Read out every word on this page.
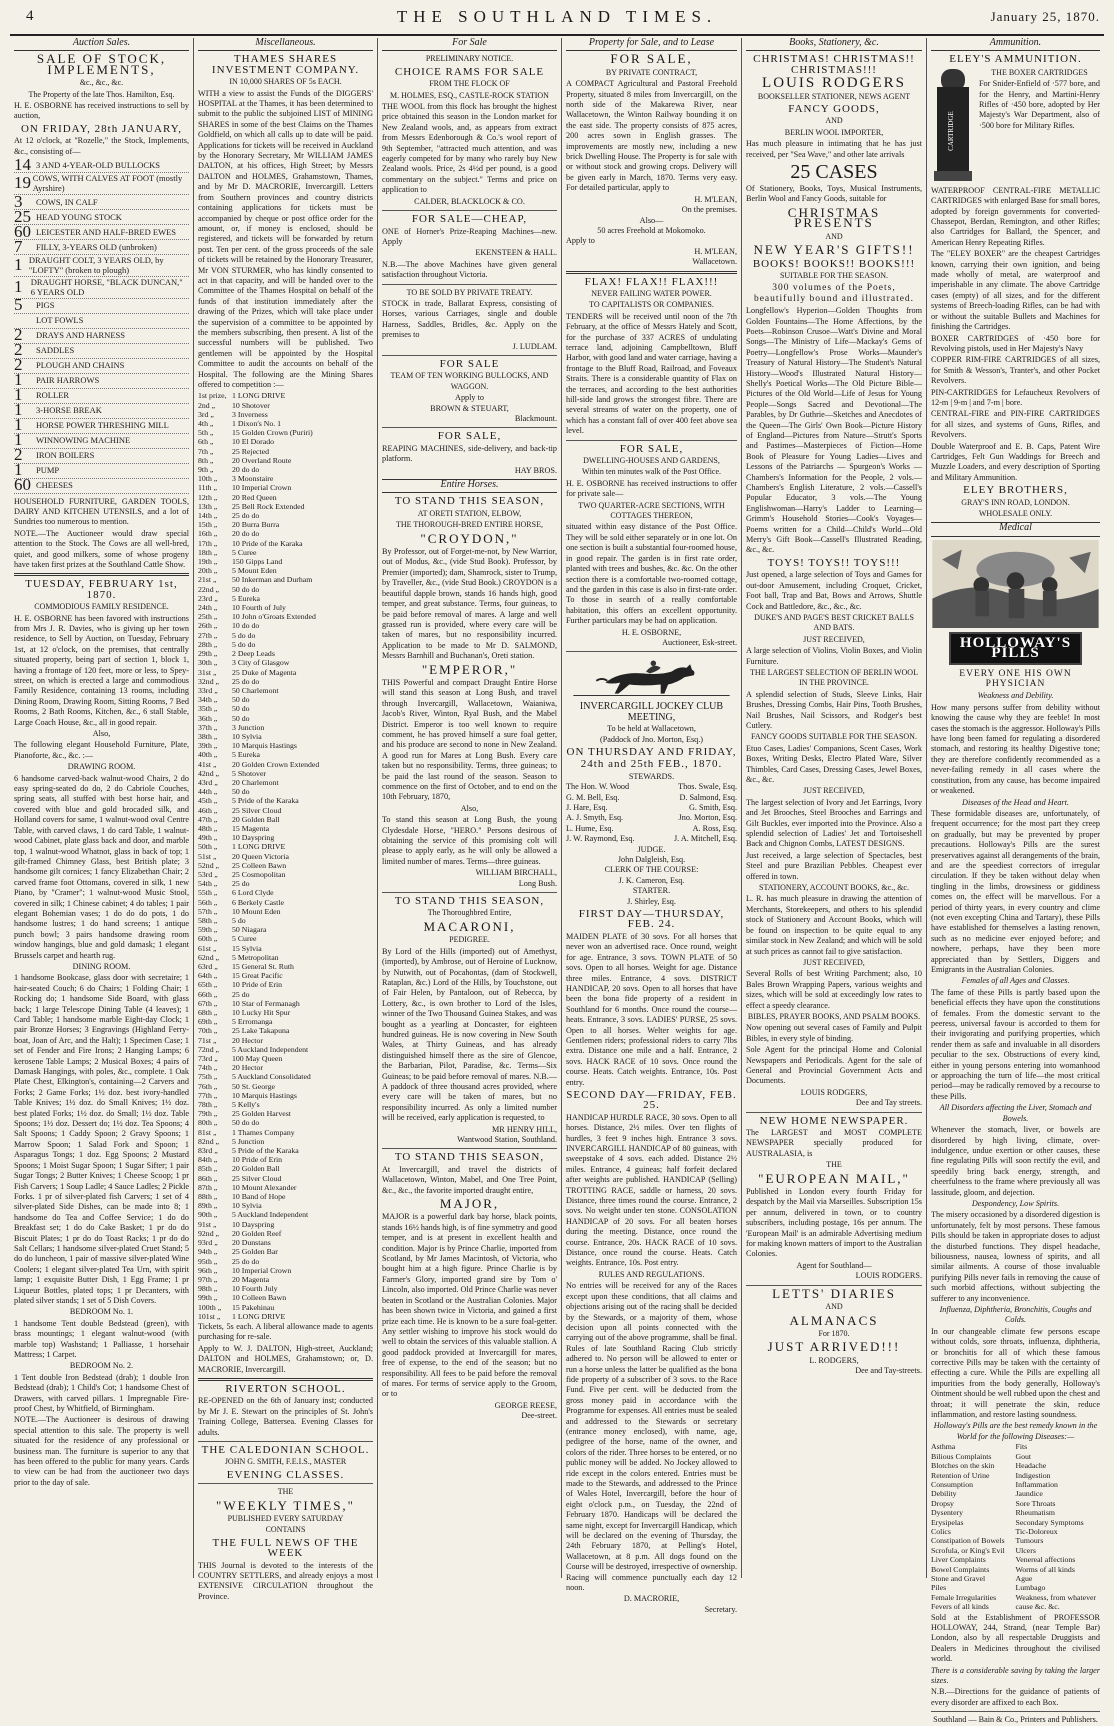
4	THE SOUTHLAND TIMES.	January 25, 1870.
Auction Sales.
SALE OF STOCK, IMPLEMENTS,
&c., &c., &c.
The Property of the late Thos. Hamilton, Esq.
H. E. OSBORNE has received instructions to sell by auction,
ON FRIDAY, 28th JANUARY,
At 12 o'clock, at "Rozelle," the Stock, Implements, &c., consisting of—
14 3 AND 4-YEAR-OLD BULLOCKS
19 COWS, WITH CALVES AT FOOT (mostly Ayrshire)
3	COWS, IN CALF
25 HEAD YOUNG STOCK
60 LEICESTER AND HALF-BRED EWES
7	FILLY, 3-YEARS OLD (unbroken)
1 DRAUGHT COLT, 3 YEARS OLD, by "LOFTY" (broken to plough)
1 DRAUGHT HORSE, "BLACK DUNCAN," 6 YEARS OLD
5	PIGS
LOT FOWLS
2	DRAYS AND HARNESS
2	SADDLES
2	PLOUGH AND CHAINS
1	PAIR HARROWS
1	ROLLER
1	3-HORSE BREAK
1	HORSE POWER THRESHING MILL
1	WINNOWING MACHINE
2	IRON BOILERS
1	PUMP
60 CHEESES
HOUSEHOLD FURNITURE, GARDEN TOOLS, DAIRY AND KITCHEN UTENSILS, and a lot of Sundries too numerous to mention.
NOTE.—The Auctioneer would draw special attention to the Stock. The Cows are all well-bred, quiet, and good milkers, some of whose progeny have taken first prizes at the Southland Cattle Show.
TUESDAY, FEBRUARY 1st, 1870.
COMMODIOUS FAMILY RESIDENCE.
H. E. OSBORNE has been favored with instructions from Mrs J. R. Davies, who is giving up her town residence, to Sell by Auction, on Tuesday, February 1st, at 12 o'clock, on the premises, that centrally situated property, being part of section 1, block 1, having a frontage of 120 feet, more or less, to Spey-street, on which is erected a large and commodious Family Residence, containing 13 rooms, including Dining Room, Drawing Room, Sitting Rooms, 7 Bed Rooms, 2 Bath Rooms, Kitchen, &c., 6 stall Stable, Large Coach House, &c., all in good repair.
Also,
The following elegant Household Furniture, Plate, Pianoforte, &c., &c. :—
DRAWING ROOM.
6 handsome carved-back walnut-wood Chairs, 2 do easy spring-seated do do, 2 do Cabriole Couches, spring seats, all stuffed with best horse hair, and covered with blue and gold brocaded silk, and Holland covers for same, 1 walnut-wood oval Centre Table, with carved claws, 1 do card Table, 1 walnut-wood Cabinet, plate glass back and door, and marble top, 1 walnut-wood Whatnot, glass in back of top; 1 gilt-framed Chimney Glass, best British plate; 3 handsome gilt cornices; 1 fancy Elizabethan Chair; 2 carved frame foot Ottomans, covered in silk, 1 new Piano, by "Cramer"; 1 walnut-wood Music Stool, covered in silk; 1 Chinese cabinet; 4 do tables; 1 pair elegant Bohemian vases; 1 do do do pots, 1 do handsome lustres; 1 do hand screens; 1 antique punch bowl; 3 pairs handsome drawing room window hangings, blue and gold damask; 1 elegant Brussels carpet and hearth rug.
DINING ROOM.
1 handsome Bookcase, glass door with secretaire; 1 hair-seated Couch; 6 do Chairs; 1 Folding Chair; 1 Rocking do; 1 handsome Side Board, with glass back; 1 large Telescope Dining Table (4 leaves); 1 Card Table; 1 handsome marble Eight-day Clock; 1 pair Bronze Horses; 3 Engravings (Highland Ferry-boat, Joan of Arc, and the Halt); 1 Specimen Case; 1 set of Fender and Fire Irons; 2 Hanging Lamps; 6 kerosene Table Lamps; 2 Musical Boxes; 4 pairs of Damask Hangings, with poles, &c., complete. 1 Oak Plate Chest, Elkington's, containing—2 Carvers and Forks; 2 Game Forks; 1½ doz. best ivory-handled Table Knives; 1½ doz. do Small Knives; 1½ doz. best plated Forks; 1½ doz. do Small; 1½ doz. Table Spoons; 1½ doz. Dessert do; 1½ doz. Tea Spoons; 4 Salt Spoons; 1 Caddy Spoon; 2 Gravy Spoons; 1 Marrow Spoon; 1 Salad Fork and Spoon; 1 Asparagus Tongs; 1 doz. Egg Spoons; 2 Mustard Spoons; 1 Moist Sugar Spoon; 1 Sugar Sifter; 1 pair Sugar Tongs; 2 Butter Knives; 1 Cheese Scoop; 1 pr Fish Carvers; 1 Soup Ladle; 4 Sauce Ladles; 2 Pickle Forks. 1 pr of silver-plated fish Carvers; 1 set of 4 silver-plated Side Dishes, can be made into 8; 1 handsome do Tea and Coffee Service; 1 do do Breakfast set; 1 do do Cake Basket; 1 pr do do Biscuit Plates; 1 pr do do Toast Racks; 1 pr do do Salt Cellars; 1 handsome silver-plated Cruet Stand; 5 do do luncheon, 1 pair of massive silver-plated Wine Coolers; 1 elegant silver-plated Tea Urn, with spirit lamp; 1 exquisite Butter Dish, 1 Egg Frame; 1 pr Liqueur Bottles, plated tops; 1 pr Decanters, with plated silver stands; 1 set of 5 Dish Covers.
BEDROOM No. 1.
1 handsome Tent double Bedstead (green), with brass mountings; 1 elegant walnut-wood (with marble top) Washstand; 1 Palliasse, 1 horsehair Mattress; 1 Carpet.
BEDROOM No. 2.
1 Tent double Iron Bedstead (drab); 1 double Iron Bedstead (drab); 1 Child's Cot; 1 handsome Chest of Drawers, with carved pillars. 1 Impregnable Fire-proof Chest, by Whitfield, of Birmingham.
NOTE.—The Auctioneer is desirous of drawing special attention to this sale. The property is well situated for the residence of any professional or business man. The furniture is superior to any that has been offered to the public for many years. Cards to view can be had from the auctioneer two days prior to the day of sale.
Miscellaneous.
THAMES SHARES INVESTMENT COMPANY.
IN 10,000 SHARES OF 5s EACH.
WITH a view to assist the Funds of the DIGGERS' HOSPITAL at the Thames, it has been determined to submit to the public the subjoined LIST of MINING SHARES in some of the best Claims on the Thames Goldfield, on which all calls up to date will be paid. Applications for tickets will be received in Auckland by the Honorary Secretary, Mr WILLIAM JAMES DALTON, at his offices, High Street; by Messrs DALTON and HOLMES, Grahamstown, Thames, and by Mr D. MACRORIE, Invercargill. Letters from Southern provinces and country districts containing applications for tickets must be accompanied by cheque or post office order for the amount, or, if money is enclosed, should be registered, and tickets will be forwarded by return post. Ten per cent. of the gross proceeds of the sale of tickets will be retained by the Honorary Treasurer, Mr VON STURMER, who has kindly consented to act in that capacity, and will be handed over to the Committee of the Thames Hospital on behalf of the funds of that institution immediately after the drawing of the Prizes, which will take place under the supervision of a committee to be appointed by the members subscribing, then present. A list of the successful numbers will be published. Two gentlemen will be appointed by the Hospital Committee to audit the accounts on behalf of the Hospital. The following are the Mining Shares offered to competition :—
1st prize, 1 LONG DRIVE
2nd „	10 Shotover
3rd „	3 Inverness
4th „	1 Dixon's No. 1
5th „	15 Golden Crown (Puriri)
6th „	10 El Dorado
7th „	25 Rejected
8th „	20 Overland Route
9th „	20 do do
10th „	3 Moonstaire
11th „	10 Imperial Crown
12th „	20 Red Queen
13th „	25 Bell Rock Extended
14th „	25 do do
15th „	20 Burra Burra
16th „	20 do do
17th „	10 Pride of the Karaka
18th „	5 Curee
19th „	150 Gipps Land
20th „	5 Mount Eden
21st „	50 Inkerman and Durham
22nd „	50 do do
23rd „	5 Eureka
24th „	10 Fourth of July
25th „	10 John o'Groats Extended
26th „	10 do do
27th „	5 do do
28th „	5 do do
29th „	2 Deep Leads
30th „	3 City of Glasgow
31st „	25 Duke of Magenta
32nd „	25 do do
33rd „	50 Charlemont
34th „	50 do
35th „	50 do
36th „	50 do
37th „	3 Junction
38th „	10 Sylvia
39th „	10 Marquis Hastings
40th „	5 Eureka
41st „	20 Golden Crown Extended
42nd „	5 Shotover
43rd „	20 Charlemont
44th „	50 do
45th „	5 Pride of the Karaka
46th „	25 Silver Cloud
47th „	20 Golden Ball
48th „	15 Magenta
49th „	10 Dayspring
50th „	1 LONG DRIVE
51st „	20 Queen Victoria
52nd „	25 Colleen Bawn
53rd „	25 Cosmopolitan
54th „	25 do
55th „	6 Lord Clyde
56th „	6 Berkely Castle
57th „	10 Mount Eden
58th „	5 do
59th „	50 Niagara
60th „	5 Curee
61st „	15 Sylvia
62nd „	5 Metropolitan
63rd „	15 General St. Ruth
64th „	15 Great Pacific
65th „	10 Pride of Erin
66th „	25 do
67th „	10 Star of Fermanagh
68th „	10 Lucky Hit Spur
69th „	5 Erromanga
70th „	25 Lake Takapuna
71st „	20 Hector
72nd „	5 Auckland Independent
73rd „	100 May Queen
74th „	20 Hector
75th „	5 Auckland Consolidated
76th „	50 St. George
77th „	10 Marquis Hastings
78th „	5 Kelly's
79th „	25 Golden Harvest
80th „	50 do do
81st „	1 Thames Company
82nd „	5 Junction
83rd „	5 Pride of the Karaka
84th „	10 Pride of Erin
85th „	20 Golden Ball
86th „	25 Silver Cloud
87th „	10 Mount Alexander
88th „	10 Band of Hope
89th „	10 Sylvia
90th „	5 Auckland Independent
91st „	10 Dayspring
92nd „	20 Golden Reef
93rd „	20 Dunstans
94th „	25 Golden Bar
95th „	25 do do
96th „	10 Imperial Crown
97th „	20 Magenta
98th „	10 Fourth July
99th „	10 Colleen Bawn
100th „	15 Pakehinau
101st „	1 LONG DRIVE
Tickets, 5s each. A liberal allowance made to agents purchasing for re-sale.
Apply to W. J. DALTON, High-street, Auckland; DALTON and HOLMES, Grahamstown; or, D. MACRORIE, Invercargill.
RIVERTON SCHOOL.
RE-OPENED on the 6th of January inst; conducted by Mr J. E. Stewart on the principles of St. John's Training College, Battersea. Evening Classes for adults.
THE CALEDONIAN SCHOOL.
JOHN G. SMITH, F.E.I.S., MASTER
EVENING CLASSES.
THE
"WEEKLY TIMES,"
PUBLISHED EVERY SATURDAY
CONTAINS
THE FULL NEWS OF THE WEEK
THIS Journal is devoted to the interests of the COUNTRY SETTLERS, and already enjoys a most EXTENSIVE CIRCULATION throughout the Province.
For Sale
PRELIMINARY NOTICE.
CHOICE RAMS FOR SALE
FROM THE FLOCK OF
M. HOLMES, ESQ., CASTLE-ROCK STATION
THE WOOL from this flock has brought the highest price obtained this season in the London market for New Zealand wools, and, as appears from extract from Messrs Edenborough & Co.'s wool report of 9th September, "attracted much attention, and was eagerly competed for by many who rarely buy New Zealand wools. Price, 2s 4½d per pound, is a good commentary on the subject." Terms and price on application to
CALDER, BLACKLOCK & CO.
FOR SALE—CHEAP,
ONE of Horner's Prize-Reaping Machines—new. Apply
EKENSTEEN & HALL.
N.B.—The above Machines have given general satisfaction throughout Victoria.
TO BE SOLD BY PRIVATE TREATY.
STOCK in trade, Ballarat Express, consisting of Horses, various Carriages, single and double Harness, Saddles, Bridles, &c. Apply on the premises to
J. LUDLAM.
FOR SALE
TEAM OF TEN WORKING BULLOCKS, AND WAGGON.
Apply to
BROWN & STEUART,
Blackmount.
FOR SALE,
REAPING MACHINES, side-delivery, and back-tip platform.
HAY BROS.
Entire Horses.
TO STAND THIS SEASON,
AT ORETI STATION, ELBOW,
THE THOROUGH-BRED ENTIRE HORSE,
"CROYDON,"
By Professor, out of Forget-me-not, by New Warrior, out of Modus, &c., (vide Stud Book). Professor, by Premier (imported); dam, Shamrock, sister to Trump, by Traveller, &c., (vide Stud Book.) CROYDON is a beautiful dapple brown, stands 16 hands high, good temper, and great substance. Terms, four guineas, to be paid before removal of mares. A large and well grassed run is provided, where every care will be taken of mares, but no responsibility incurred. Application to be made to Mr D. SALMOND, Messrs Barnhill and Buchanan's, Oreti station.
"EMPEROR,"
THIS Powerful and compact Draught Entire Horse will stand this season at Long Bush, and travel through Invercargill, Wallacetown, Waianiwa, Jacob's River, Winton, Ryal Bush, and the Mabel District. Emperor is too well known to require comment, he has proved himself a sure foal getter, and his produce are second to none in New Zealand. A good run for Mares at Long Bush. Every care taken but no responsibility. Terms, three guineas; to be paid the last round of the season. Season to commence on the first of October, and to end on the 10th February, 1870,
Also,
To stand this season at Long Bush, the young Clydesdale Horse, "HERO." Persons desirous of obtaining the service of this promising colt will please to apply early, as he will only be allowed a limited number of mares. Terms—three guineas.
WILLIAM BIRCHALL,
Long Bush.
TO STAND THIS SEASON,
The Thoroughbred Entire,
MACARONI,
PEDIGREE.
By Lord of the Hills (imported) out of Amethyst, (imported), by Ambrose, out of Heroine of Lucknow, by Nutwith, out of Pocahontas, (dam of Stockwell, Rataplan, &c.) Lord of the Hills, by Touchstone, out of Fair Helen, by Pantaloon, out of Rebecca, by Lottery, &c., is own brother to Lord of the Isles, winner of the Two Thousand Guinea Stakes, and was bought as a yearling at Doncaster, for eighteen hundred guineas. He is now covering in New South Wales, at Thirty Guineas, and has already distinguished himself there as the sire of Glencoe, the Barbarian, Pilot, Paradise, &c. Terms—Six Guineas; to be paid before removal of mares. N.B.—A paddock of three thousand acres provided, where every care will be taken of mares, but no responsibility incurred. As only a limited number will be received, early application is requested, to
MR HENRY HILL,
Wantwood Station, Southland.
TO STAND THIS SEASON,
At Invercargill, and travel the districts of Wallacetown, Winton, Mabel, and One Tree Point, &c., &c., the favorite imported draught entire,
MAJOR,
MAJOR is a powerful dark bay horse, black points, stands 16½ hands high, is of fine symmetry and good temper, and is at present in excellent health and condition. Major is by Prince Charlie, imported from Scotland, by Mr James Macintosh, of Victoria, who bought him at a high figure. Prince Charlie is by Farmer's Glory, imported grand sire by Tom o' Lincoln, also imported. Old Prince Charlie was never beaten in Scotland or the Australian Colonies. Major has been shown twice in Victoria, and gained a first prize each time. He is known to be a sure foal-getter. Any settler wishing to improve his stock would do well to obtain the services of this valuable stallion. A good paddock provided at Invercargill for mares, free of expense, to the end of the season; but no responsibility. All fees to be paid before the removal of mares. For terms of service apply to the Groom, or to
GEORGE REESE,
Dee-street.
Property for Sale, and to Lease
FOR SALE,
BY PRIVATE CONTRACT,
A COMPACT Agricultural and Pastoral Freehold Property, situated 8 miles from Invercargill, on the north side of the Makarewa River, near Wallacetown, the Winton Railway bounding it on the east side. The property consists of 875 acres, 200 acres sown in English grasses. The improvements are mostly new, including a new brick Dwelling House. The Property is for sale with or without stock and growing crops. Delivery will be given early in March, 1870. Terms very easy. For detailed particular, apply to
H. M'LEAN,
On the premises.
Also—
50 acres Freehold at Mokomoko.
Apply to
H. M'LEAN,
Wallacetown.
FLAX! FLAX!! FLAX!!!
NEVER FAILING WATER POWER.
TO CAPITALISTS OR COMPANIES.
TENDERS will be received until noon of the 7th February, at the office of Messrs Hately and Scott, for the purchase of 337 ACRES of undulating terrace land, adjoining Campbelltown, Bluff Harbor, with good land and water carriage, having a frontage to the Bluff Road, Railroad, and Foveaux Straits. There is a considerable quantity of Flax on the terraces, and according to the best authorities hill-side land grows the strongest fibre. There are several streams of water on the property, one of which has a constant fall of over 400 feet above sea level.
FOR SALE,
DWELLING-HOUSES AND GARDENS,
Within ten minutes walk of the Post Office.
H. E. OSBORNE has received instructions to offer for private sale—
TWO QUARTER-ACRE SECTIONS, WITH COTTAGES THEREON,
situated within easy distance of the Post Office. They will be sold either separately or in one lot. On one section is built a substantial four-roomed house, in good repair. The garden is in first rate order, planted with trees and bushes, &c. &c. On the other section there is a comfortable two-roomed cottage, and the garden in this case is also in first-rate order. To those in search of a really comfortable habitation, this offers an excellent opportunity. Further particulars may be had on application.
H. E. OSBORNE,
Auctioneer, Esk-street.
INVERCARGILL JOCKEY CLUB MEETING,
To be held at Wallacetown,
(Paddock of Jno. Morton, Esq.)
ON THURSDAY AND FRIDAY,
24th and 25th FEB., 1870.
STEWARDS.
The Hon. W. Wood	Thos. Swale, Esq.
G. M. Bell, Esq.	D. Salmond, Esq.
J. Hare, Esq.	G. Smith, Esq.
A. J. Smyth, Esq.	Jno. Morton, Esq.
L. Hume, Esq.	A. Ross, Esq.
J. W. Raymond, Esq.	J. A. Mitchell, Esq.
JUDGE.
John Dalgleish, Esq.
CLERK OF THE COURSE:
J. K. Cameron, Esq.
STARTER.
J. Shirley, Esq.
FIRST DAY—THURSDAY, FEB. 24.
MAIDEN PLATE of 30 sovs. For all horses that never won an advertised race. Once round, weight for age. Entrance, 3 sovs. TOWN PLATE of 50 sovs. Open to all horses. Weight for age. Distance three miles. Entrance, 4 sovs. DISTRICT HANDICAP, 20 sovs. Open to all horses that have been the bona fide property of a resident in Southland for 6 months. Once round the course—heats. Entrance, 3 sovs. LADIES' PURSE, 25 sovs. Open to all horses. Welter weights for age. Gentlemen riders; professional riders to carry 7lbs extra. Distance one mile and a half. Entrance, 2 sovs. HACK RACE of 10 sovs. Once round the course. Heats. Catch weights. Entrance, 10s. Post entry.
SECOND DAY—FRIDAY, FEB. 25.
HANDICAP HURDLE RACE, 30 sovs. Open to all horses. Distance, 2½ miles. Over ten flights of hurdles, 3 feet 9 inches high. Entrance 3 sovs. INVERCARGILL HANDICAP of 80 guineas, with sweepstake of 4 sovs. each added. Distance 2½ miles. Entrance, 4 guineas; half forfeit declared after weights are published. HANDICAP (Selling) TROTTING RACE, saddle or harness, 20 sovs. Distance, three times round the course. Entrance, 2 sovs. No weight under ten stone. CONSOLATION HANDICAP of 20 sovs. For all beaten horses during the meeting. Distance, once round the course. Entrance, 20s. HACK RACE of 10 sovs. Distance, once round the course. Heats. Catch weights. Entrance, 10s. Post entry.
RULES AND REGULATIONS.
No entries will be received for any of the Races except upon these conditions, that all claims and objections arising out of the racing shall be decided by the Stewards, or a majority of them, whose decision upon all points connected with the carrying out of the above programme, shall be final. Rules of late Southland Racing Club strictly adhered to. No person will be allowed to enter or run a horse unless the latter be qualified as the bona fide property of a subscriber of 3 sovs. to the Race Fund. Five per cent. will be deducted from the gross money paid in accordance with the Programme for expenses. All entries must be sealed and addressed to the Stewards or secretary (entrance money enclosed), with name, age, pedigree of the horse, name of the owner, and colors of the rider. Three horses to be entered, or no public money will be added. No Jockey allowed to ride except in the colors entered. Entries must be made to the Stewards, and addressed to the Prince of Wales Hotel, Invercargill, before the hour of eight o'clock p.m., on Tuesday, the 22nd of February 1870. Handicaps will be declared the same night, except for Invercargill Handicap, which will be declared on the evening of Thursday, the 24th February 1870, at Pelling's Hotel, Wallacetown, at 8 p.m. All dogs found on the Course will be destroyed, irrespective of ownership. Racing will commence punctually each day 12 noon.
D. MACRORIE,
Secretary.
Books, Stationery, &c.
CHRISTMAS! CHRISTMAS!! CHRISTMAS!!!
LOUIS RODGERS
BOOKSELLER STATIONER, NEWS AGENT
FANCY GOODS,
AND
BERLIN WOOL IMPORTER,
Has much pleasure in intimating that he has just received, per "Sea Wave," and other late arrivals
25 CASES
Of Stationery, Books, Toys, Musical Instruments, Berlin Wool and Fancy Goods, suitable for
CHRISTMAS PRESENTS
AND
NEW YEAR'S GIFTS!!
BOOKS! BOOKS!! BOOKS!!!
SUITABLE FOR THE SEASON.
300 volumes of the Poets, beautifully bound and illustrated.
Longfellow's Hyperion—Golden Thoughts from Golden Fountains—The Home Affections, by the Poets—Robinson Crusoe—Watt's Divine and Moral Songs—The Ministry of Life—Mackay's Gems of Poetry—Longfellow's Prose Works—Maunder's Treasury of Natural History—The Student's Natural History—Wood's Illustrated Natural History—Shelly's Poetical Works—The Old Picture Bible—Pictures of the Old World—Life of Jesus for Young People—Songs Sacred and Devotional—The Parables, by Dr Guthrie—Sketches and Anecdotes of the Queen—The Girls' Own Book—Picture History of England—Pictures from Nature—Strutt's Sports and Pastimes—Masterpieces of Fiction—Home Book of Pleasure for Young Ladies—Lives and Lessons of the Patriarchs — Spurgeon's Works — Chambers's Information for the People, 2 vols.—Chambers's English Literature, 2 vols.—Cassell's Popular Educator, 3 vols.—The Young Englishwoman—Harry's Ladder to Learning—Grimm's Household Stories—Cook's Voyages—Poems written for a Child—Child's World—Old Merry's Gift Book—Cassell's Illustrated Reading, &c., &c.
TOYS! TOYS!! TOYS!!!
Just opened, a large selection of Toys and Games for out-door Amusement, including Croquet, Cricket, Foot ball, Trap and Bat, Bows and Arrows, Shuttle Cock and Battledore, &c., &c., &c.
DUKE'S AND PAGE'S BEST CRICKET BALLS AND BATS.
JUST RECEIVED,
A large selection of Violins, Violin Boxes, and Violin Furniture.
THE LARGEST SELECTION OF BERLIN WOOL IN THE PROVINCE.
A splendid selection of Studs, Sleeve Links, Hair Brushes, Dressing Combs, Hair Pins, Tooth Brushes, Nail Brushes, Nail Scissors, and Rodger's best Cutlery.
FANCY GOODS SUITABLE FOR THE SEASON.
Etuo Cases, Ladies' Companions, Scent Cases, Work Boxes, Writing Desks, Electro Plated Ware, Silver Thimbles, Card Cases, Dressing Cases, Jewel Boxes, &c., &c.
JUST RECEIVED,
The largest selection of Ivory and Jet Earrings, Ivory and Jet Brooches, Steel Brooches and Earrings and Gilt Buckles, ever imported into the Province. Also a splendid selection of Ladies' Jet and Tortoiseshell Back and Chignon Combs, LATEST DESIGNS.
Just received, a large selection of Spectacles, best Steel and pure Brazilian Pebbles. Cheapest ever offered in town.
STATIONERY, ACCOUNT BOOKS, &c., &c.
L. R. has much pleasure in drawing the attention of Merchants, Storekeepers, and others to his splendid stock of Stationery and Account Books, which will be found on inspection to be quite equal to any similar stock in New Zealand; and which will be sold at such prices as cannot fail to give satisfaction.
JUST RECEIVED,
Several Rolls of best Writing Parchment; also, 10 Bales Brown Wrapping Papers, various weights and sizes, which will be sold at exceedingly low rates to effect a speedy clearance.
BIBLES, PRAYER BOOKS, AND PSALM BOOKS.
Now opening out several cases of Family and Pulpit Bibles, in every style of binding.
Sole Agent for the principal Home and Colonial Newspapers and Periodicals. Agent for the sale of General and Provincial Government Acts and Documents.
LOUIS RODGERS,
Dee and Tay streets.
NEW HOME NEWSPAPER.
The LARGEST and MOST COMPLETE NEWSPAPER specially produced for AUSTRALASIA, is
THE
"EUROPEAN MAIL,"
Published in London every fourth Friday for despatch by the Mail via Marseilles. Subscription 15s per annum, delivered in town, or to country subscribers, including postage, 16s per annum. The 'European Mail' is an admirable Advertising medium for making known matters of import to the Australian Colonies.
Agent for Southland—
LOUIS RODGERS.
LETTS' DIARIES
AND
ALMANACS
For 1870.
JUST ARRIVED!!!
L. RODGERS,
Dee and Tay-streets.
Ammunition.
ELEY'S AMMUNITION.
CARTRIDGE
THE BOXER CARTRIDGES
For Snider-Enfield of ·577 bore, and for the Henry, and Martini-Henry Rifles of ·450 bore, adopted by Her Majesty's War Department, also of ·500 bore for Military Rifles.
WATERPROOF CENTRAL-FIRE METALLIC CARTRIDGES with enlarged Base for small bores, adopted by foreign governments for converted-Chassepot, Berdan, Remington, and other Rifles; also Cartridges for Ballard, the Spencer, and American Henry Repeating Rifles.
The "ELEY BOXER" are the cheapest Cartridges known, carrying their own ignition, and being made wholly of metal, are waterproof and imperishable in any climate. The above Cartridge cases (empty) of all sizes, and for the different systems of Breech-loading Rifles, can be had with or without the suitable Bullets and Machines for finishing the Cartridges.
BOXER CARTRIDGES of ·450 bore for Revolving pistols, used in Her Majesty's Navy
COPPER RIM-FIRE CARTRIDGES of all sizes, for Smith & Wesson's, Tranter's, and other Pocket Revolvers.
PIN-CARTRIDGES for Lefaucheux Revolvers of 12-m | 9-m | and 7-m | bore.
CENTRAL-FIRE and PIN-FIRE CARTRIDGES for all sizes, and systems of Guns, Rifles, and Revolvers.
Double Waterproof and E. B. Caps, Patent Wire Cartridges, Felt Gun Waddings for Breech and Muzzle Loaders, and every description of Sporting and Military Ammunition.
ELEY BROTHERS,
GRAY'S INN ROAD, LONDON.
WHOLESALE ONLY.
Medical
HOLLOWAY'S PILLS
EVERY ONE HIS OWN PHYSICIAN
Weakness and Debility.
How many persons suffer from debility without knowing the cause why they are feeble! In most cases the stomach is the aggressor. Holloway's Pills have long been famed for regulating a disordered stomach, and restoring its healthy Digestive tone; they are therefore confidently recommended as a never-failing remedy in all cases where the constitution, from any cause, has become impaired or weakened.
Diseases of the Head and Heart.
These formidable diseases are, unfortunately, of frequent occurrence; for the most part they creep on gradually, but may be prevented by proper precautions. Holloway's Pills are the surest preservatives against all derangements of the brain, and are the speediest correctors of irregular circulation. If they be taken without delay when tingling in the limbs, drowsiness or giddiness comes on, the effect will be marvellous. For a period of thirty years, in every country and clime (not even excepting China and Tartary), these Pills have established for themselves a lasting renown, such as no medicine ever enjoyed before; and nowhere, perhaps, have they been more appreciated than by Settlers, Diggers and Emigrants in the Australian Colonies.
Females of all Ages and Classes.
The fame of these Pills is partly based upon the beneficial effects they have upon the constitutions of females. From the domestic servant to the peeress, universal favour is accorded to them for their invigorating and purifying properties, which render them as safe and invaluable in all disorders peculiar to the sex. Obstructions of every kind, either in young persons entering into womanhood or approaching the turn of life—the most critical period—may be radically removed by a recourse to these Pills.
All Disorders affecting the Liver, Stomach and Bowels.
Whenever the stomach, liver, or bowels are disordered by high living, climate, over-indulgence, undue exertion or other causes, these fine regulating Pills will soon rectify the evil, and speedily bring back energy, strength, and cheerfulness to the frame where previously all was lassitude, gloom, and dejection.
Despondency, Low Spirits.
The misery occasioned by a disordered digestion is unfortunately, felt by most persons. These famous Pills should be taken in appropriate doses to adjust the disturbed functions. They dispel headache, biliousness, nausea, lowness of spirits, and all similar ailments. A course of those invaluable purifying Pills never fails in removing the cause of such morbid affections, without subjecting the sufferer to any inconvenience.
Influenza, Diphtheria, Bronchitis, Coughs and Colds.
In our changeable climate few persons escape without colds, sore throats, influenza, diphtheria, or bronchitis for all of which these famous corrective Pills may be taken with the certainty of effecting a cure. While the Pills are expelling all impurities from the body generally, Holloway's Ointment should be well rubbed upon the chest and throat; it will penetrate the skin, reduce inflammation, and restore lasting soundness.
Holloway's Pills are the best remedy known in the World for the following Diseases:—
Asthma
Bilious Complaints
Blotches on the skin
Retention of Urine
Consumption
Debility
Dropsy
Dysentery
Erysipelas
Colics
Constipation of Bowels
Scrofula, or King's Evil
Liver Complaints
Bowel Complaints
Stone and Gravel
Piles
Female Irregularities
Fevers of all kinds
Fits
Gout
Headache
Indigestion
Inflammation
Jaundice
Sore Throats
Rheumatism
Secondary Symptoms
Tic-Doloreux
Tumours
Ulcers
Venereal affections
Worms of all kinds
Ague
Lumbago
Weakness, from whatever cause &c. &c.
Sold at the Establishment of PROFESSOR HOLLOWAY, 244, Strand, (near Temple Bar) London, also by all respectable Druggists and Dealers in Medicines throughout the civilised world.
There is a considerable saving by taking the larger sizes.
N.B.—Directions for the guidance of patients of every disorder are affixed to each Box.
Southland — Bain & Co., Printers and Publishers.
